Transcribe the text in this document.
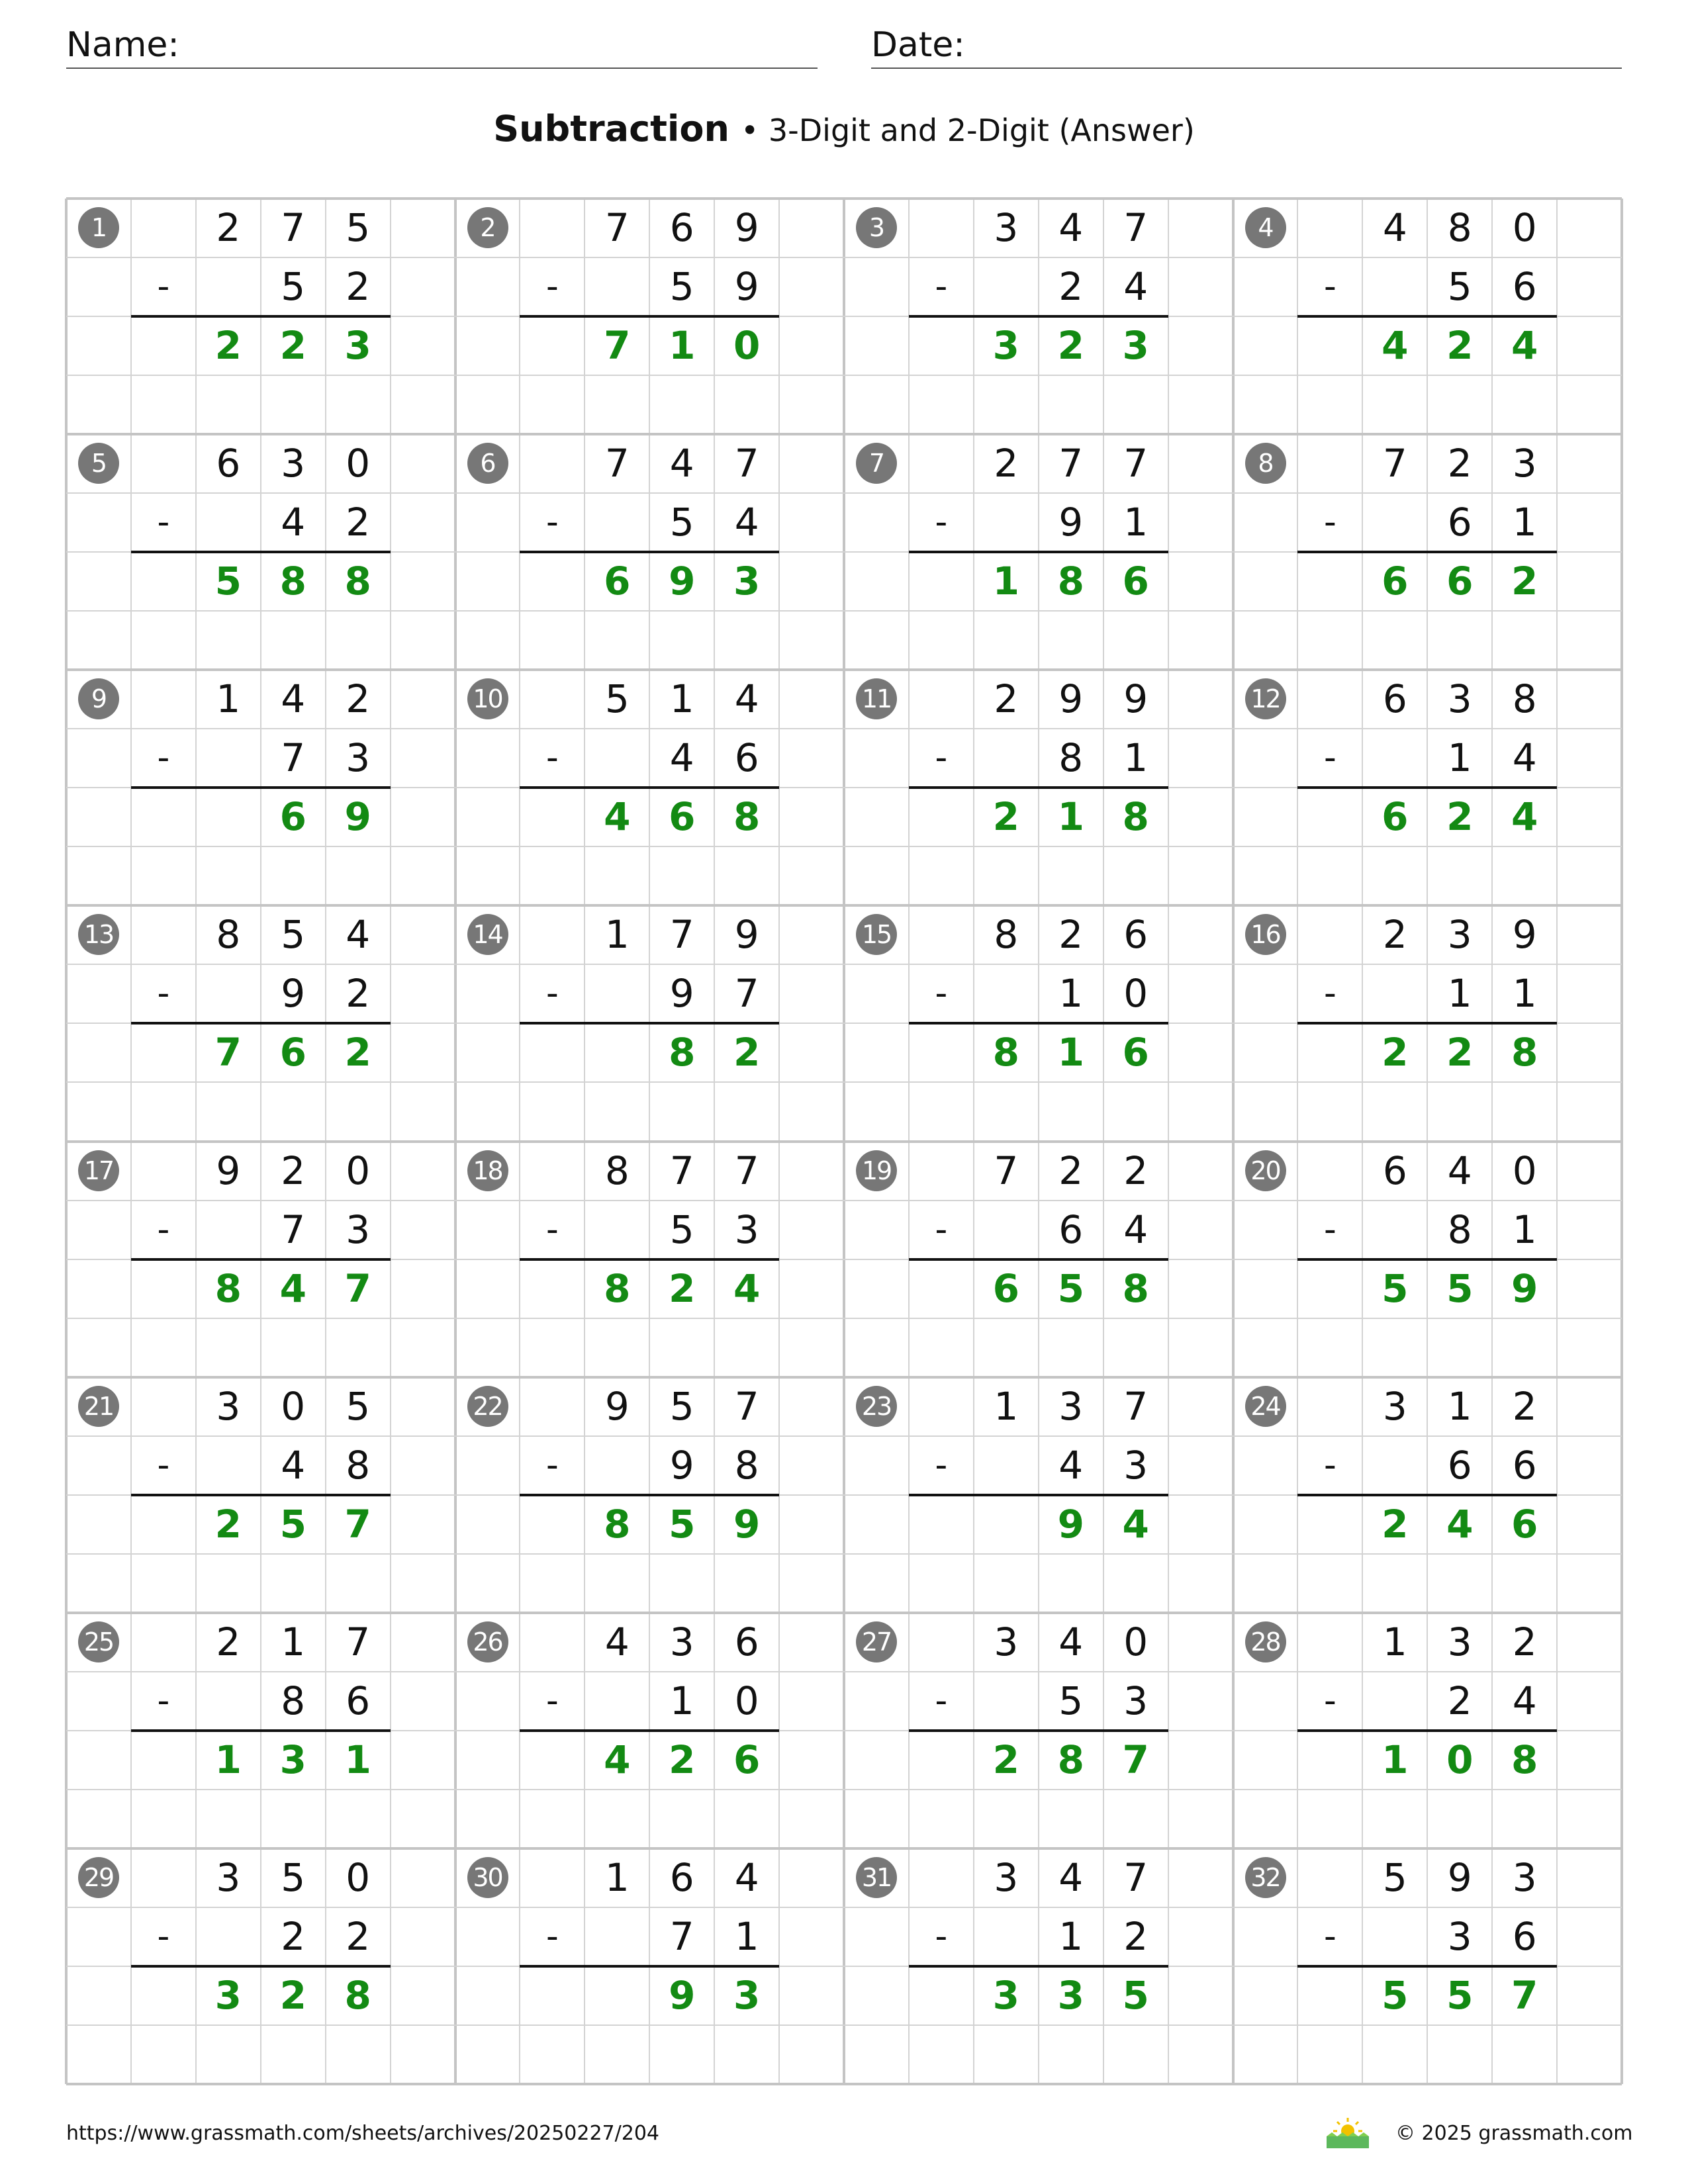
Name:	Date:
Subtraction • 3-Digit and 2-Digit (Answer)
1	2	7	5
-	5	2
2 2 3
2	7	6	9
-	5	9
7 1 0
3	3	4	7
-	2	4
3 2 3
4	4	8	0
-	5	6
4 2 4
5	6	3	0
-	4	2
5 8 8
6	7	4	7
-	5	4
6 9 3
7	2	7	7
-	9	1
1 8 6
8	7	2	3
-	6	1
6 6 2
9	1	4	2
-	7	3
6 9
10	5	1	4
-	4	6
4 6 8
11	2	9	9
-	8	1
2 1 8
12	6	3	8
-	1	4
6 2 4
13	8	5	4
-	9	2
7 6 2
14	1	7	9
-	9	7
8 2
15	8	2	6
-	1	0
8 1 6
16	2	3	9
-	1	1
2 2 8
17	9	2	0
-	7	3
8 4 7
18	8	7	7
-	5	3
8 2 4
19	7	2	2
-	6	4
6 5 8
20	6	4	0
-	8	1
5 5 9
21	3	0	5
-	4	8
2 5 7
22	9	5	7
-	9	8
8 5 9
23	1	3	7
-	4	3
9 4
24	3	1	2
-	6	6
2 4 6
25	2	1	7
-	8	6
1 3 1
26	4	3	6
-	1	0
4 2 6
27	3	4	0
-	5	3
2 8 7
28	1	3	2
-	2	4
1 0 8
29	3	5	0
-	2	2
3 2 8
30	1	6	4
-	7	1
9 3
31	3	4	7
-	1	2
3 3 5
32	5	9	3
-	3	6
5 5 7
https://www.grassmath.com/sheets/archives/20250227/204	© 2025 grassmath.com
